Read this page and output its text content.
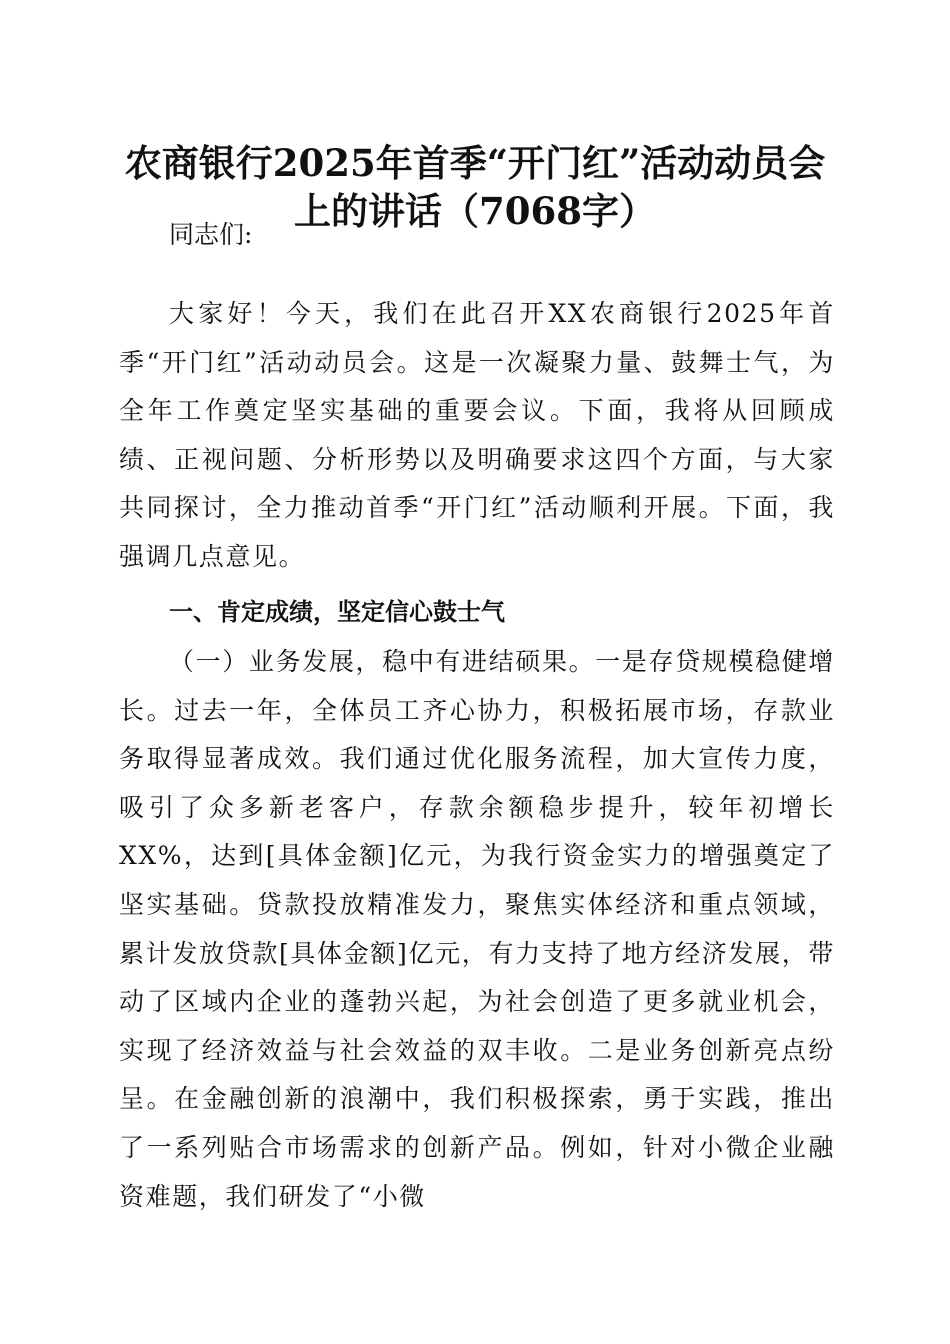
农商银行2025年首季“开门红”活动动员会
上的讲话（7068字）

同志们:

大家好！今天，我们在此召开XX农商银行2025年首季“开门红”活动动员会。这是一次凝聚力量、鼓舞士气，为全年工作奠定坚实基础的重要会议。下面，我将从回顾成绩、正视问题、分析形势以及明确要求这四个方面，与大家共同探讨，全力推动首季“开门红”活动顺利开展。下面，我强调几点意见。

一、肯定成绩，坚定信心鼓士气

（一）业务发展，稳中有进结硕果。一是存贷规模稳健增长。过去一年，全体员工齐心协力，积极拓展市场，存款业务取得显著成效。我们通过优化服务流程，加大宣传力度，吸引了众多新老客户，存款余额稳步提升，较年初增长XX%，达到[具体金额]亿元，为我行资金实力的增强奠定了坚实基础。贷款投放精准发力，聚焦实体经济和重点领域，累计发放贷款[具体金额]亿元，有力支持了地方经济发展，带动了区域内企业的蓬勃兴起，为社会创造了更多就业机会，实现了经济效益与社会效益的双丰收。二是业务创新亮点纷呈。在金融创新的浪潮中，我们积极探索，勇于实践，推出了一系列贴合市场需求的创新产品。例如，针对小微企业融资难题，我们研发了“小微
